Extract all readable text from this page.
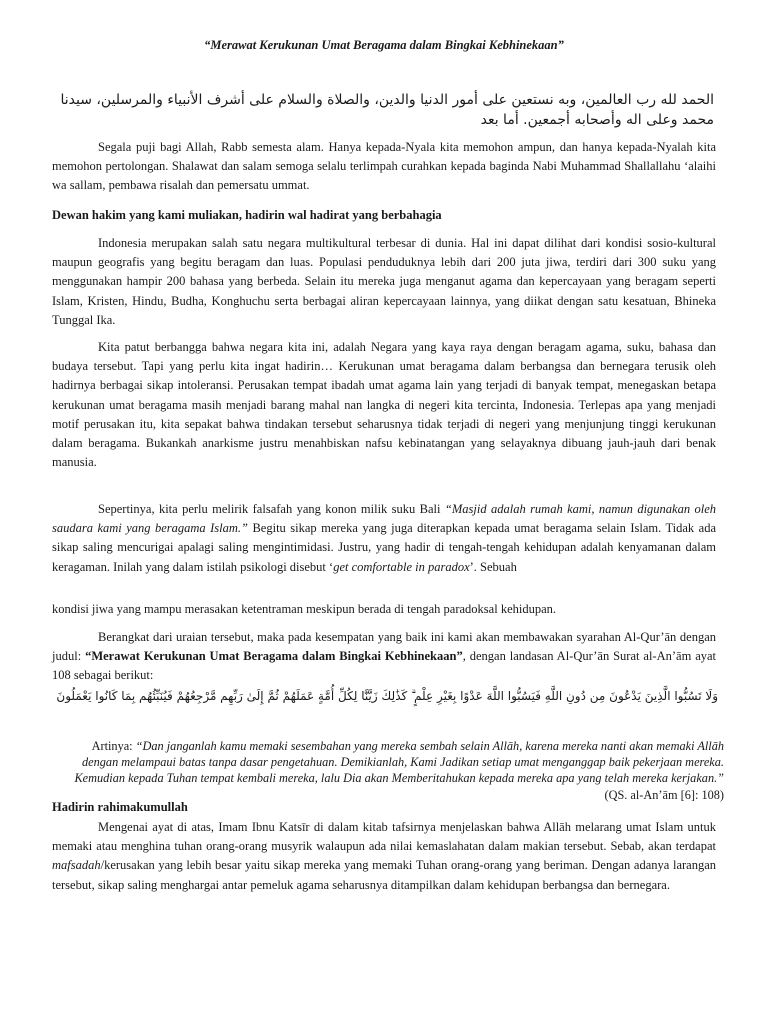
“Merawat Kerukunan Umat Beragama dalam Bingkai Kebhinekaan”
الحمد لله رب العالمين، وبه نستعين على أمور الدنيا والدين، والصلاة والسلام على أشرف الأنبياء والمرسلين، سيدنا
محمد وعلى اله وأصحابه أجمعين. أما بعد

Segala puji bagi Allah, Rabb semesta alam. Hanya kepada-Nyala kita memohon ampun, dan hanya kepada-Nyalah kita memohon pertolongan. Shalawat dan salam semoga selalu terlimpah curahkan kepada baginda Nabi Muhammad Shallallahu ‘alaihi wa sallam, pembawa risalah dan pemersatu ummat.

Dewan hakim yang kami muliakan, hadirin wal hadirat yang berbahagia

Indonesia merupakan salah satu negara multikultural terbesar di dunia. Hal ini dapat dilihat dari kondisi sosio-kultural maupun geografis yang begitu beragam dan luas. Populasi penduduknya lebih dari 200 juta jiwa, terdiri dari 300 suku yang menggunakan hampir 200 bahasa yang berbeda. Selain itu mereka juga menganut agama dan kepercayaan yang beragam seperti Islam, Kristen, Hindu, Budha, Konghuchu serta berbagai aliran kepercayaan lainnya, yang diikat dengan satu kesatuan, Bhineka Tunggal Ika.

Kita patut berbangga bahwa negara kita ini, adalah Negara yang kaya raya dengan beragam agama, suku, bahasa dan budaya tersebut. Tapi yang perlu kita ingat hadirin… Kerukunan umat beragama dalam berbangsa dan bernegara terusik oleh hadirnya berbagai sikap intoleransi. Perusakan tempat ibadah umat agama lain yang terjadi di banyak tempat, menegaskan betapa kerukunan umat beragama masih menjadi barang mahal nan langka di negeri kita tercinta, Indonesia. Terlepas apa yang menjadi motif perusakan itu, kita sepakat bahwa tindakan tersebut seharusnya tidak terjadi di negeri yang menjunjung tinggi kerukunan dalam beragama. Bukankah anarkisme justru menahbiskan nafsu kebinatangan yang selayaknya dibuang jauh-jauh dari benak manusia.

Sepertinya, kita perlu melirik falsafah yang konon milik suku Bali “Masjid adalah rumah kami, namun digunakan oleh saudara kami yang beragama Islam.” Begitu sikap mereka yang juga diterapkan kepada umat beragama selain Islam. Tidak ada sikap saling mencurigai apalagi saling mengintimidasi. Justru, yang hadir di tengah-tengah kehidupan adalah kenyamanan dalam keragaman. Inilah yang dalam istilah psikologi disebut ‘get comfortable in paradox’. Sebuah

kondisi jiwa yang mampu merasakan ketentraman meskipun berada di tengah paradoksal kehidupan.

Berangkat dari uraian tersebut, maka pada kesempatan yang baik ini kami akan membawakan syarahan Al-Qur’ān dengan judul: “Merawat Kerukunan Umat Beragama dalam Bingkai Kebhinekaan”, dengan landasan Al-Qur’ān Surat al-An’ām ayat 108 sebagai berikut:

وَلَا تَسُبُّوا الَّذِينَ يَدْعُونَ مِن دُونِ اللَّهِ فَيَسُبُّوا اللَّهَ عَدْوًا بِغَيْرِ عِلْمٍ ۗ كَذَٰلِكَ زَيَّنَّا لِكُلِّ أُمَّةٍ عَمَلَهُمْ ثُمَّ إِلَىٰ رَبِّهِم مَّرْجِعُهُمْ فَيُنَبِّئُهُم بِمَا كَانُوا يَعْمَلُونَ
Artinya: “Dan janganlah kamu memaki sesembahan yang mereka sembah selain Allāh, karena mereka nanti akan memaki Allāh dengan melampaui batas tanpa dasar pengetahuan. Demikianlah, Kami Jadikan setiap umat menganggap baik pekerjaan mereka. Kemudian kepada Tuhan tempat kembali mereka, lalu Dia akan Memberitahukan kepada mereka apa yang telah mereka kerjakan.” (QS. al-An’ām [6]: 108)
Hadirin rahimakumullah

Mengenai ayat di atas, Imam Ibnu Katsīr di dalam kitab tafsirnya menjelaskan bahwa Allāh melarang umat Islam untuk memaki atau menghina tuhan orang-orang musyrik walaupun ada nilai kemaslahatan dalam makian tersebut. Sebab, akan terdapat mafsadah/kerusakan yang lebih besar yaitu sikap mereka yang memaki Tuhan orang-orang yang beriman. Dengan adanya larangan tersebut, sikap saling menghargai antar pemeluk agama seharusnya ditampilkan dalam kehidupan berbangsa dan bernegara.
